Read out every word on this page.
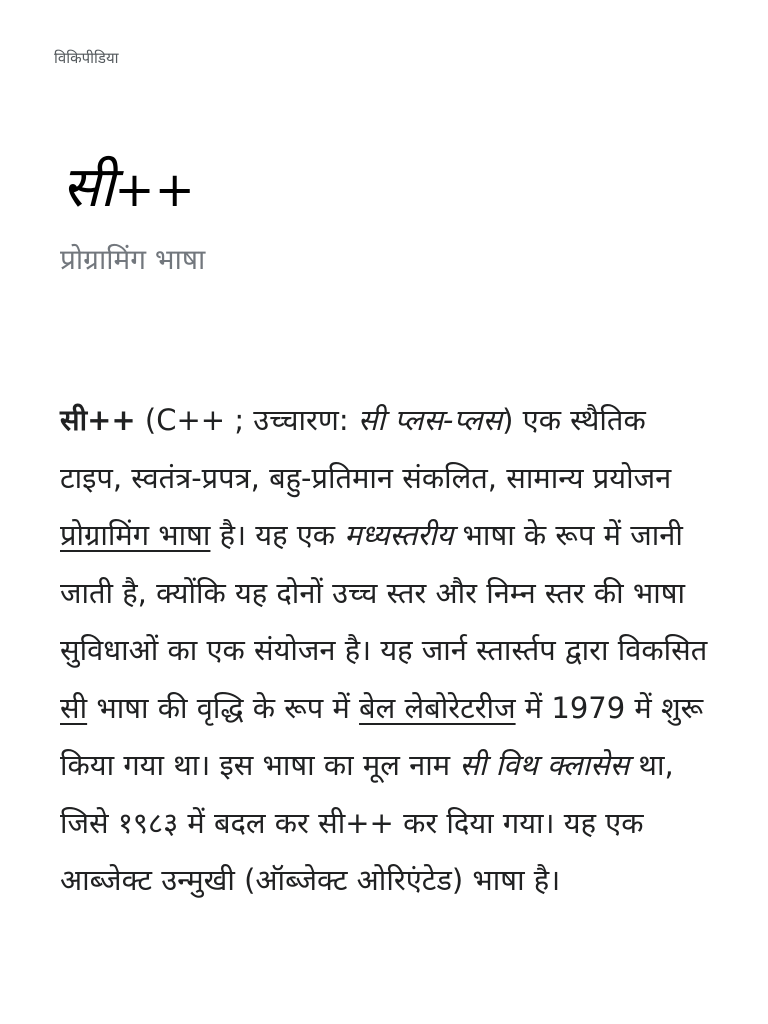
विकिपीडिया
सी++
प्रोग्रामिंग भाषा

सी++ (C++ ; उच्चारण: सी प्लस-प्लस) एक स्थैतिक टाइप, स्वतंत्र-प्रपत्र, बहु-प्रतिमान संकलित, सामान्य प्रयोजन प्रोग्रामिंग भाषा है। यह एक मध्यस्तरीय भाषा के रूप में जानी जाती है, क्योंकि यह दोनों उच्च स्तर और निम्न स्तर की भाषा सुविधाओं का एक संयोजन है। यह जार्न स्तार्स्तप द्वारा विकसित सी भाषा की वृद्धि के रूप में बेल लेबोरेटरीज में 1979 में शुरू किया गया था। इस भाषा का मूल नाम सी विथ क्लासेस था, जिसे १९८३ में बदल कर सी++ कर दिया गया। यह एक आब्जेक्ट उन्मुखी (ऑब्जेक्ट ओरिएंटेड) भाषा है।
